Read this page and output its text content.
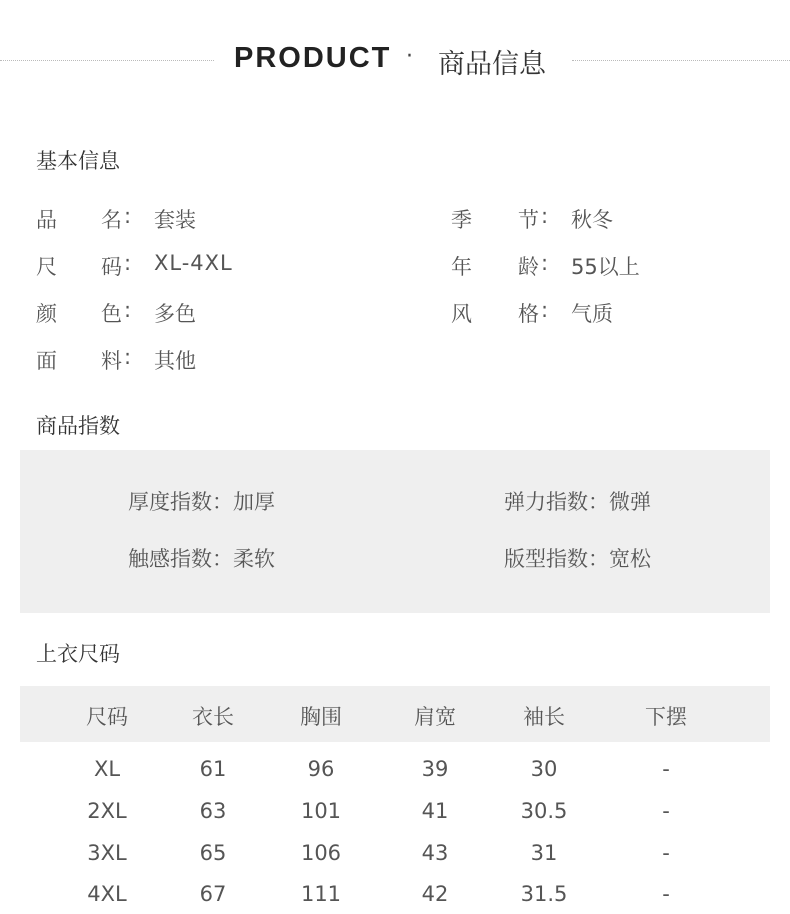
PRODUCT · 商品信息
基本信息
品 名 : 套装	季 节 : 秋冬
尺 码 : XL-4XL	年 龄 : 55以上
颜 色 : 多色	风 格 : 气质
面 料 : 其他
商品指数
厚度指数：加厚	弹力指数：微弹
触感指数：柔软	版型指数：宽松
上衣尺码
尺码	衣长	胸围	肩宽	袖长	下摆
XL	61	96	39	30	-
2XL	63	101	41	30.5	-
3XL	65	106	43	31	-
4XL	67	111	42	31.5	-
